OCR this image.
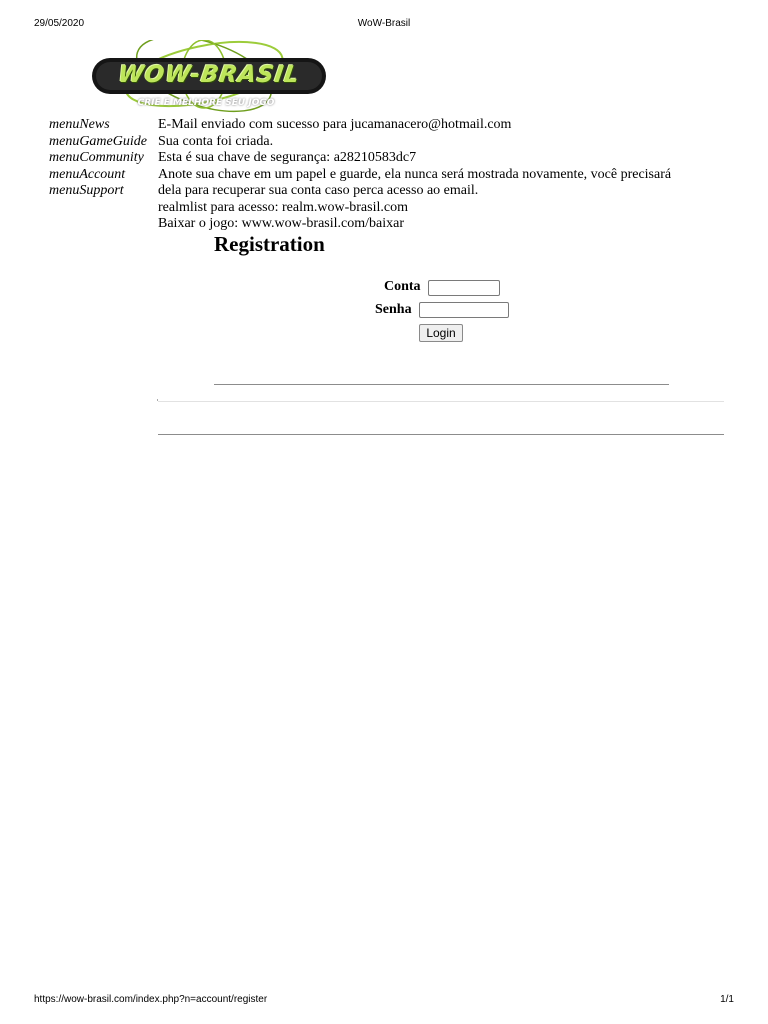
29/05/2020	WoW-Brasil
WOW-BRASIL
CRIE E MELHORE SEU JOGO
menuNews
menuGameGuide
menuCommunity
menuAccount
menuSupport

E-Mail enviado com sucesso para jucamanacero@hotmail.com

Sua conta foi criada.

Esta é sua chave de segurança: a28210583dc7

Anote sua chave em um papel e guarde, ela nunca será mostrada novamente, você precisará dela para recuperar sua conta caso perca acesso ao email.

realmlist para acesso: realm.wow-brasil.com

Baixar o jogo: www.wow-brasil.com/baixar

Registration
Conta
Senha
Login
https://wow-brasil.com/index.php?n=account/register	1/1
